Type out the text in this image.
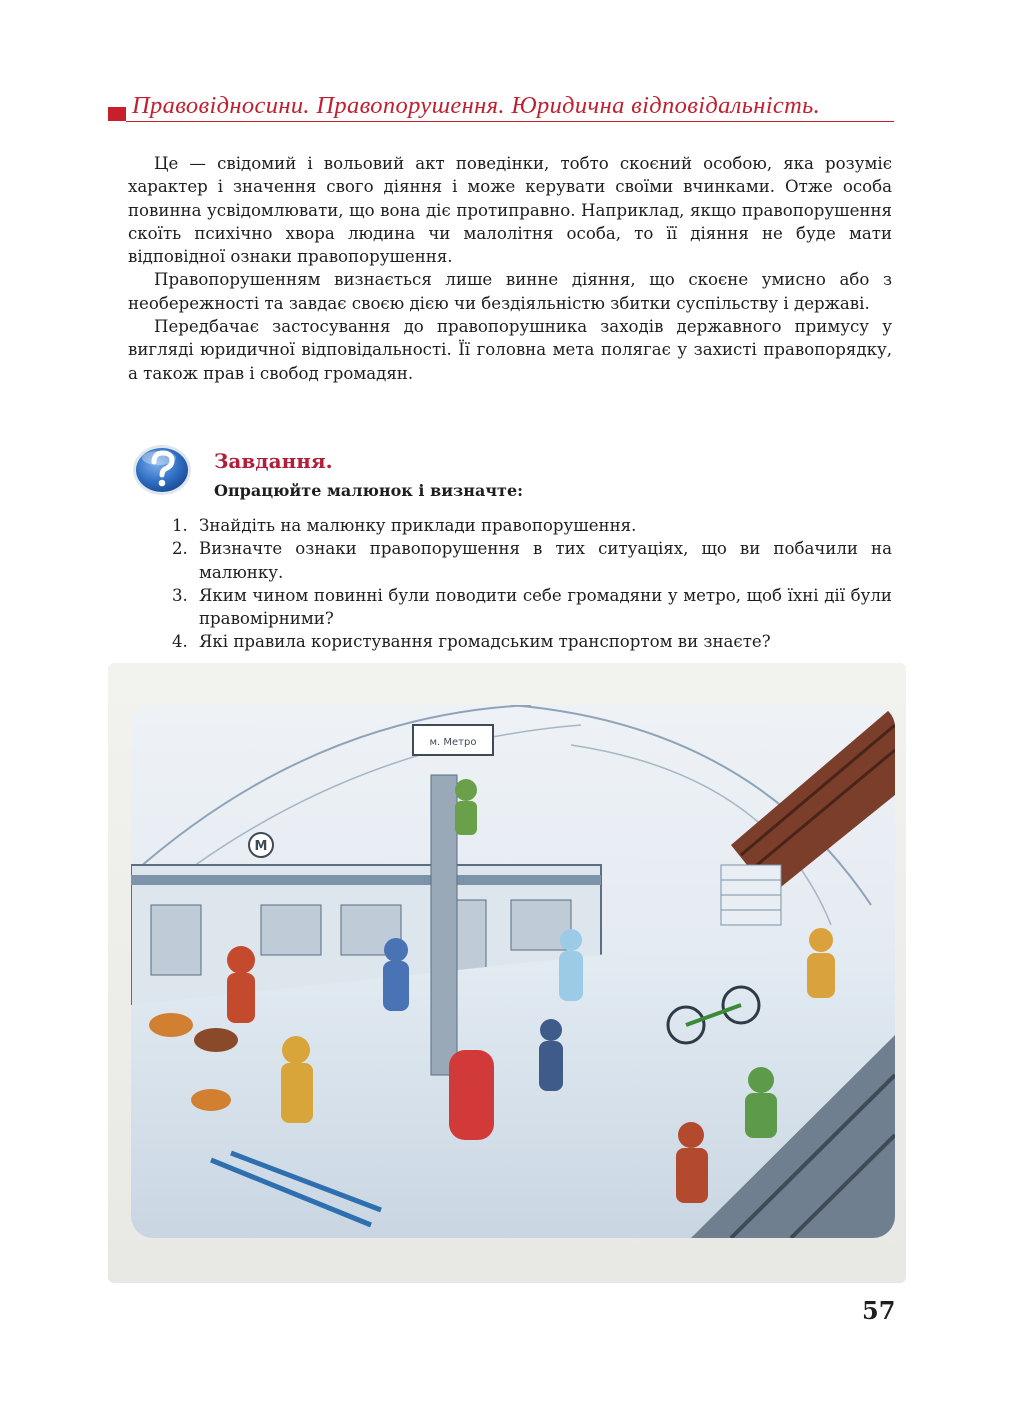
Правовідносини. Правопорушення. Юридична відповідальність.

Це — свідомий і вольовий акт поведінки, тобто скоєний особою, яка розуміє характер і значення свого діяння і може керувати своїми вчинками. Отже особа повинна усвідомлювати, що вона діє протиправно. Наприклад, якщо правопорушення скоїть психічно хвора людина чи малолітня особа, то її діяння не буде мати відповідної ознаки правопорушення.

Правопорушенням визнається лише винне діяння, що скоєне умисно або з необережності та завдає своєю дією чи бездіяльністю збитки суспільству і державі.

Передбачає застосування до правопорушника заходів державного примусу у вигляді юридичної відповідальності. Її головна мета полягає у захисті правопорядку, а також прав і свобод громадян.

Завдання.
Опрацюйте малюнок і визначте:
1. Знайдіть на малюнку приклади правопорушення.
2. Визначте ознаки правопорушення в тих ситуаціях, що ви побачили на малюнку.
3. Яким чином повинні були поводити себе громадяни у метро, щоб їхні дії були правомірними?
4. Які правила користування громадським транспортом ви знаєте?
м. Метро
М
57
